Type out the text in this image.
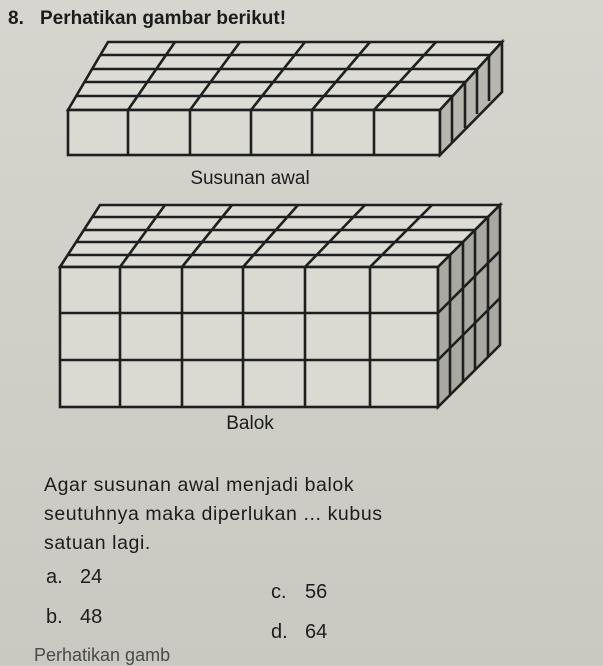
8. Perhatikan gambar berikut!
Susunan awal
Balok
Agar susunan awal menjadi balok
seutuhnya maka diperlukan ... kubus
satuan lagi.
a. 24
b. 48
c. 56
d. 64
Perhatikan gamb
